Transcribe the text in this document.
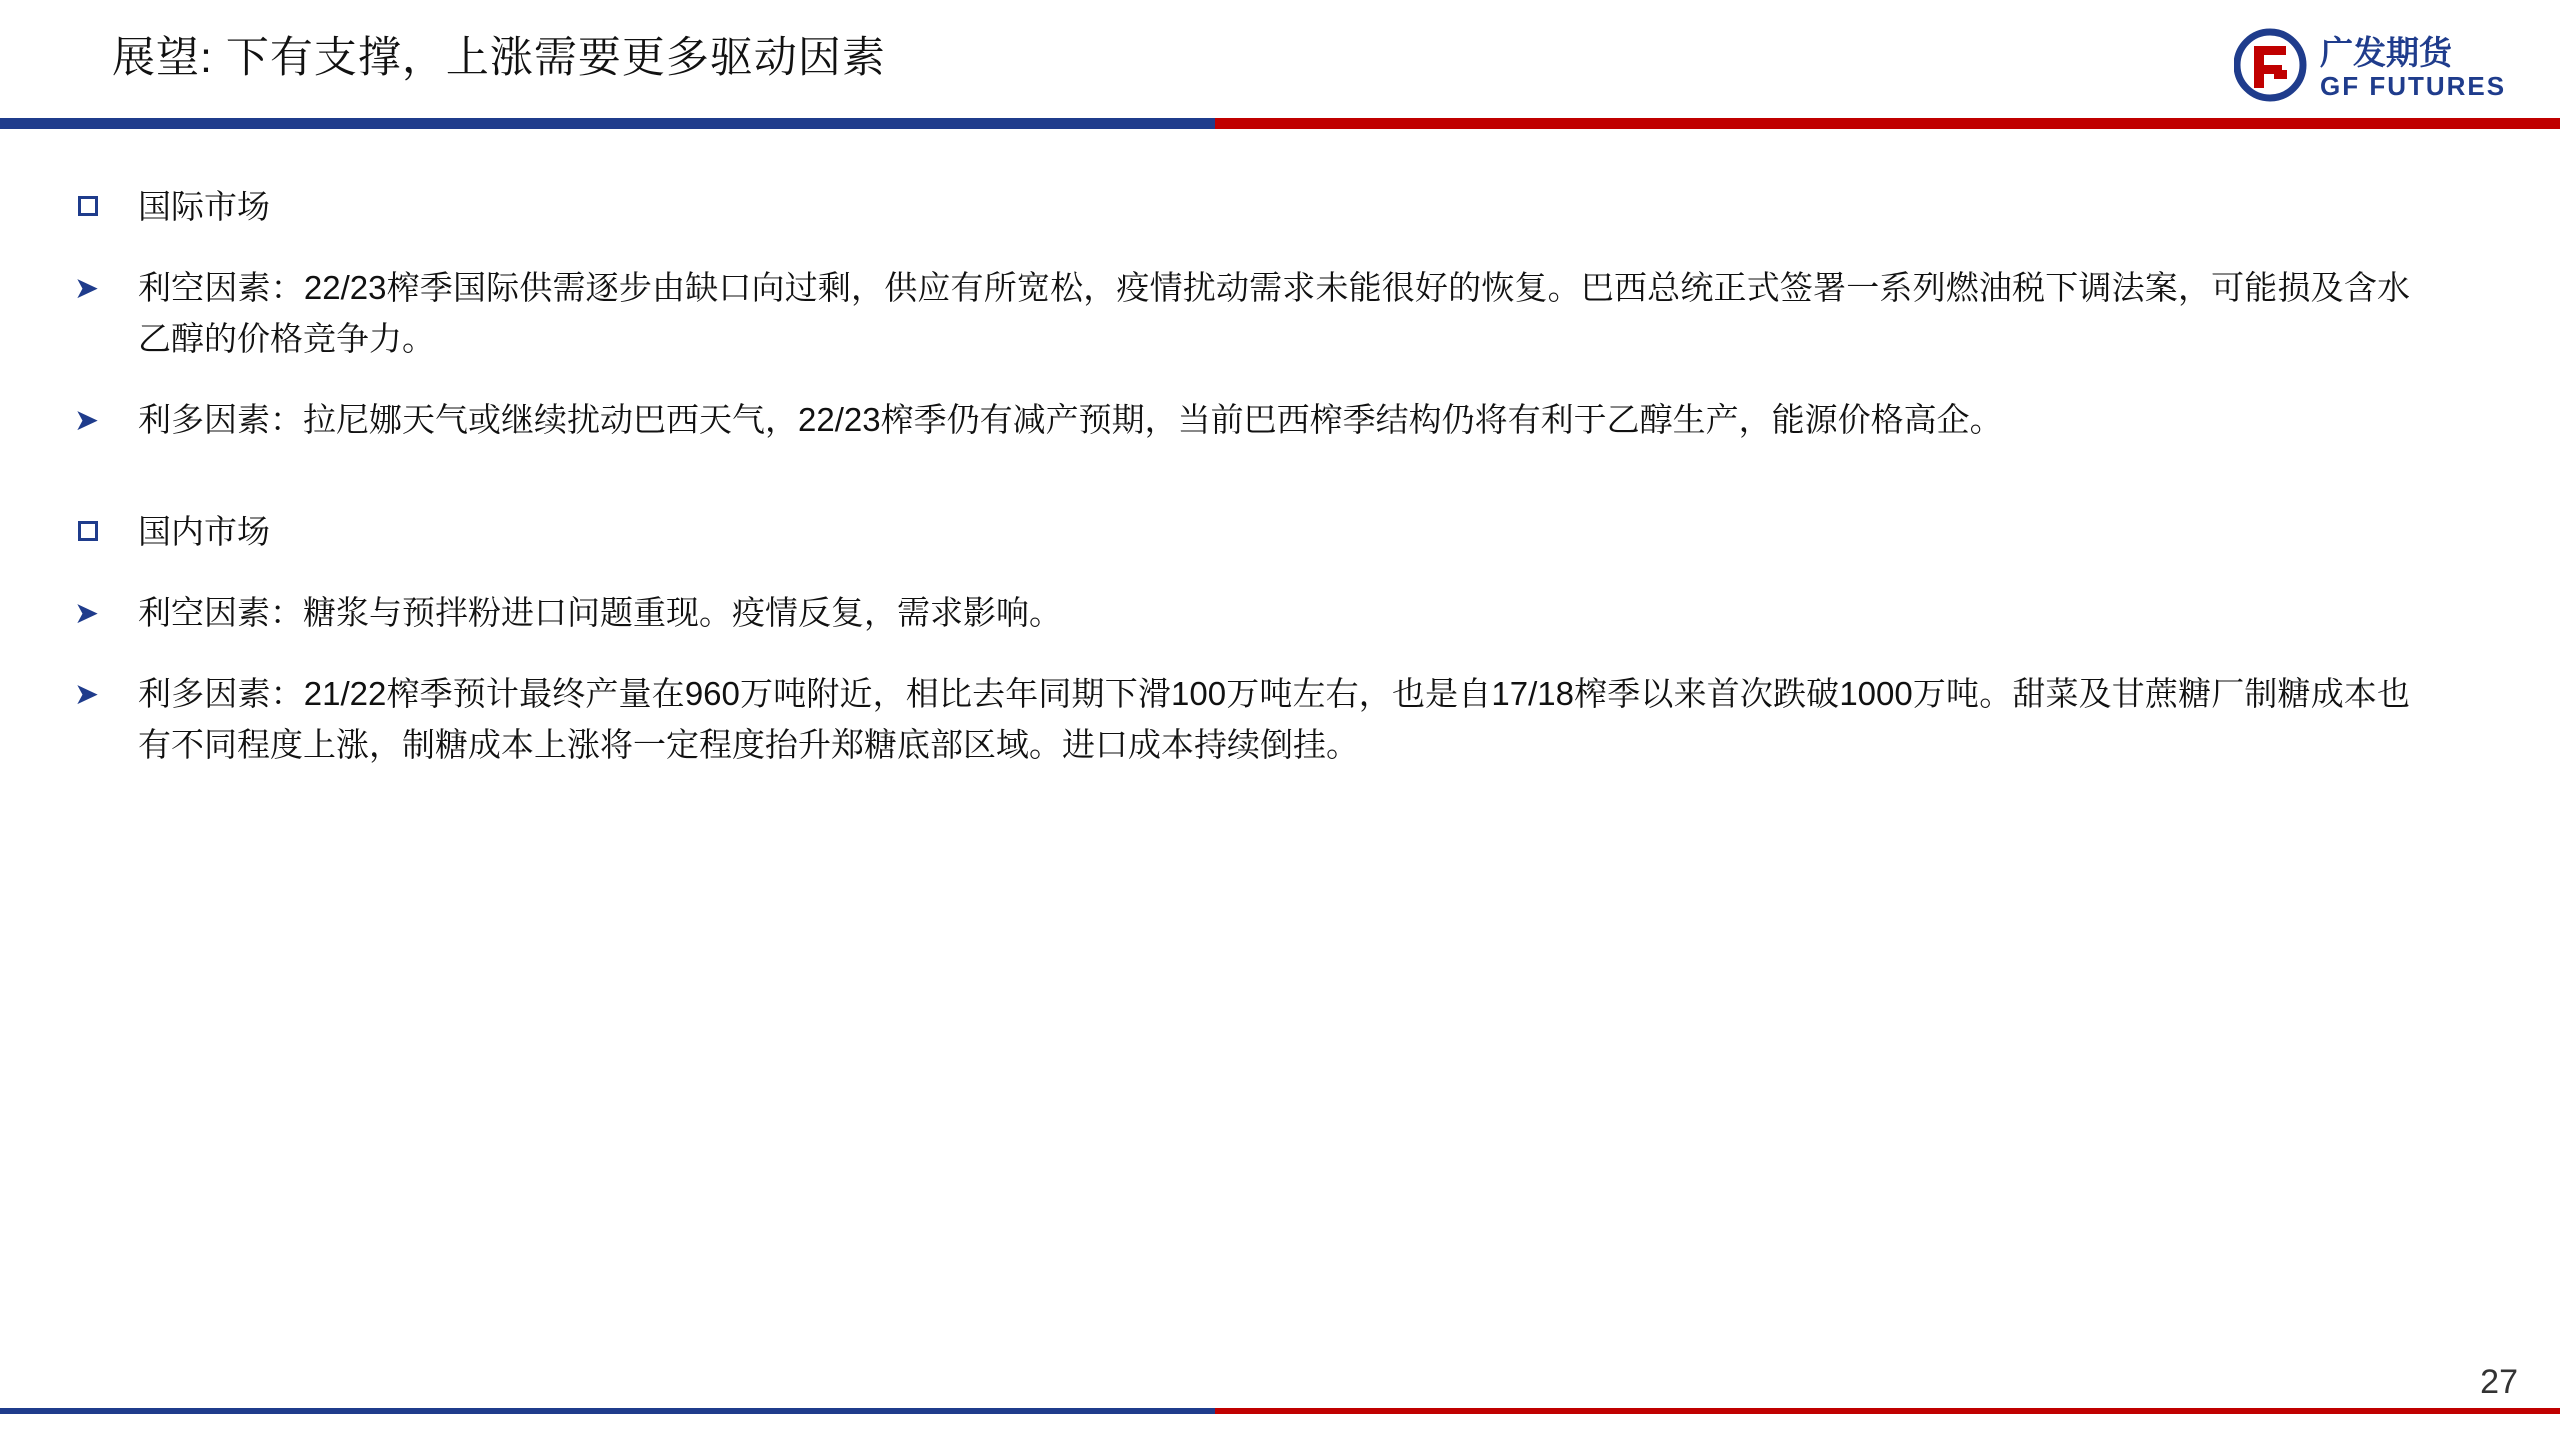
展望: 下有支撑，上涨需要更多驱动因素	广发期货
GF FUTURES
国际市场
➤ 利空因素：22/23榨季国际供需逐步由缺口向过剩，供应有所宽松，疫情扰动需求未能很好的恢复。巴西总统正式签署一系列燃油税下调法案，可能损及含水乙醇的价格竞争力。
➤ 利多因素：拉尼娜天气或继续扰动巴西天气，22/23榨季仍有减产预期，当前巴西榨季结构仍将有利于乙醇生产，能源价格高企。
国内市场
➤ 利空因素：糖浆与预拌粉进口问题重现。疫情反复，需求影响。
➤ 利多因素：21/22榨季预计最终产量在960万吨附近，相比去年同期下滑100万吨左右，也是自17/18榨季以来首次跌破1000万吨。甜菜及甘蔗糖厂制糖成本也有不同程度上涨，制糖成本上涨将一定程度抬升郑糖底部区域。进口成本持续倒挂。
27
